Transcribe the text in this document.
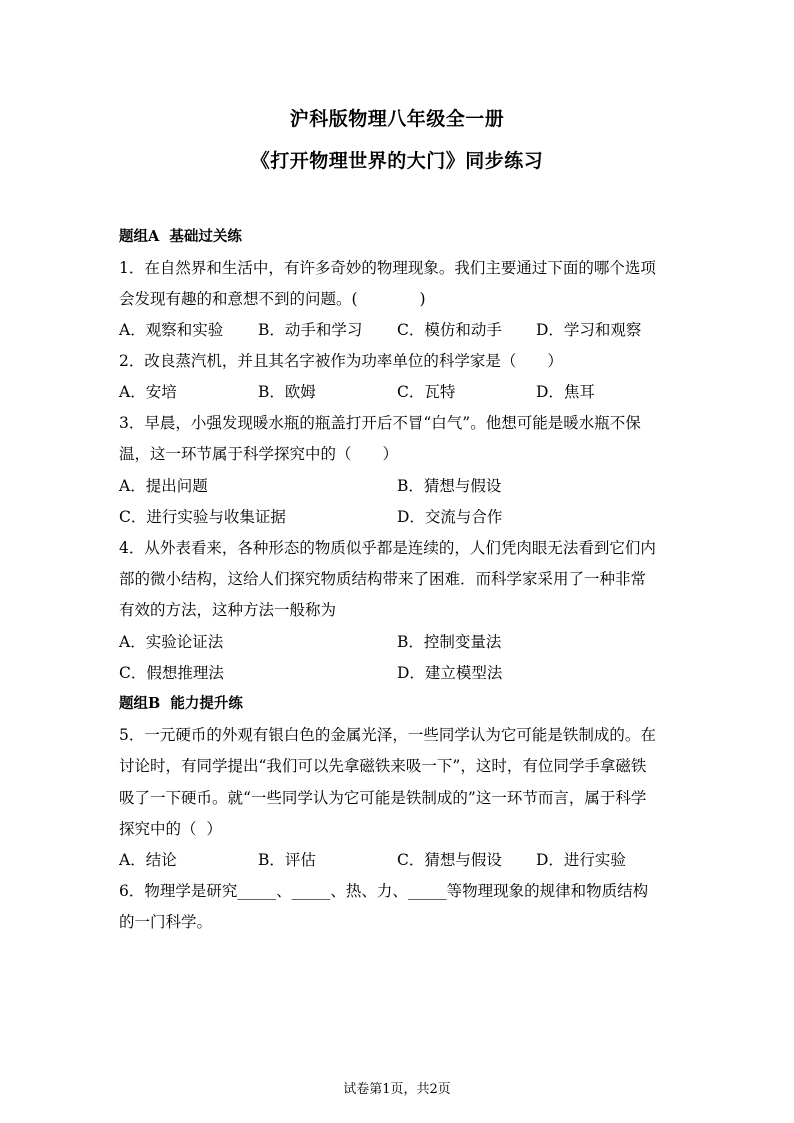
沪科版物理八年级全一册
《打开物理世界的大门》同步练习
题组A  基础过关练
1．在自然界和生活中，有许多奇妙的物理现象。我们主要通过下面的哪个选项
会发现有趣的和意想不到的问题。(　　　　)
A．观察和实验 B．动手和学习 C．模仿和动手 D．学习和观察
2．改良蒸汽机，并且其名字被作为功率单位的科学家是（　　）
A．安培	B．欧姆	C．瓦特	D．焦耳
3．早晨，小强发现暖水瓶的瓶盖打开后不冒“白气”。他想可能是暖水瓶不保
温，这一环节属于科学探究中的（　　）
A．提出问题	B．猜想与假设
C．进行实验与收集证据	D．交流与合作
4．从外表看来，各种形态的物质似乎都是连续的，人们凭肉眼无法看到它们内
部的微小结构，这给人们探究物质结构带来了困难．而科学家采用了一种非常
有效的方法，这种方法一般称为
A．实验论证法	B．控制变量法
C．假想推理法	D．建立模型法
题组B  能力提升练
5．一元硬币的外观有银白色的金属光泽，一些同学认为它可能是铁制成的。在
讨论时，有同学提出“我们可以先拿磁铁来吸一下”，这时，有位同学手拿磁铁
吸了一下硬币。就“一些同学认为它可能是铁制成的”这一环节而言，属于科学
探究中的（  ）
A．结论	B．评估	C．猜想与假设 D．进行实验
6．物理学是研究_____、_____、热、力、_____等物理现象的规律和物质结构
的一门科学。
试卷第1页，共2页
